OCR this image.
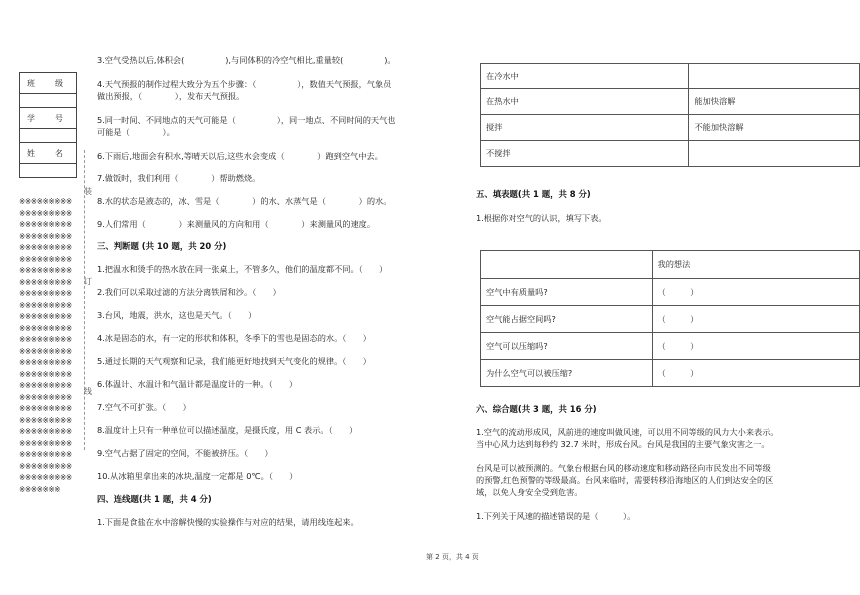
班　级

学　号

姓　名

※※※※※※※※※※※※※※※※※※※※※※※※※※※※※※※※※※※※※※※※※※※※※※※※※※※※※※※※※※※※※※※※※※※※※※※※※※※※※※※※※※※※※※※※※※※※※※※※※※※※※※※※※※※※※※※※※※※※※※※※※※※※※※※※※※※※※※※※※※※※※※※※※※※※※※※※※※※※※※※※※※※※※※※※※※※※※※※※※※※※※※※※※※※※※※※※※※※※※※※※※※※※※※※※※※※※※※※※※※※※※※※※※※※※※※※※
装
订
线
3.空气受热以后,体积会(　　　　　),与同体积的冷空气相比,重量较(　　　　　)。
4.天气预报的制作过程大致分为五个步骤：（　　　　　），数值天气预报，气象员
做出预报，（　　　　），发布天气预报。
5.同一时间、不同地点的天气可能是（　　　　　），同一地点、不同时间的天气也
可能是（　　　　）。
6.下雨后,地面会有积水,等晴天以后,这些水会变成（　　　　）跑到空气中去。
7.做饭时，我们利用（　　　　）帮助燃烧。
8.水的状态是液态的，冰、雪是（　　　　）的水、水蒸气是（　　　　）的水。
9.人们常用（　　　　）来测量风的方向和用（　　　　）来测量风的速度。
三、判断题 (共 10 题，共 20 分)
1.把温水和烫手的热水放在同一张桌上，不管多久，他们的温度都不同。（　　）
2.我们可以采取过滤的方法分离铁屑和沙。（　　）
3.台风，地震，洪水，这也是天气。（　　）
4.冰是固态的水，有一定的形状和体积，冬季下的雪也是固态的水。（　　）
5.通过长期的天气观察和记录，我们能更好地找到天气变化的规律。（　　）
6.体温计、水温计和气温计都是温度计的一种。（　　）
7.空气不可扩张。（　　）
8.温度计上只有一种单位可以描述温度，是摄氏度，用 C 表示。（　　）
9.空气占据了固定的空间，不能被挤压。（　　）
10.从冰箱里拿出来的冰块,温度一定都是 0℃。（　　）
四、连线题(共 1 题，共 4 分)
1.下面是食盐在水中溶解快慢的实验操作与对应的结果，请用线连起来。
在冷水中	
在热水中	能加快溶解
搅拌	不能加快溶解
不搅拌	
五、填表题(共 1 题，共 8 分)
1.根据你对空气的认识，填写下表。
	我的想法
空气中有质量吗?	（　　　）
空气能占据空间吗?	（　　　）
空气可以压缩吗?	（　　　）
为什么空气可以被压缩?	（　　　）
六、综合题(共 3 题，共 16 分)
1.空气的流动形成风，风前进的速度叫做风速，可以用不同等级的风力大小来表示。
当中心风力达到每秒约 32.7 米时，形成台风。台风是我国的主要气象灾害之一。
台风是可以被预测的。气象台根据台风的移动速度和移动路径向市民发出不同等级
的预警,红色预警的等级最高。台风来临时，需要转移沿海地区的人们到达安全的区
域，以免人身安全受到危害。
1.下列关于风速的描述错误的是（　　　）。
第 2 页，共 4 页
